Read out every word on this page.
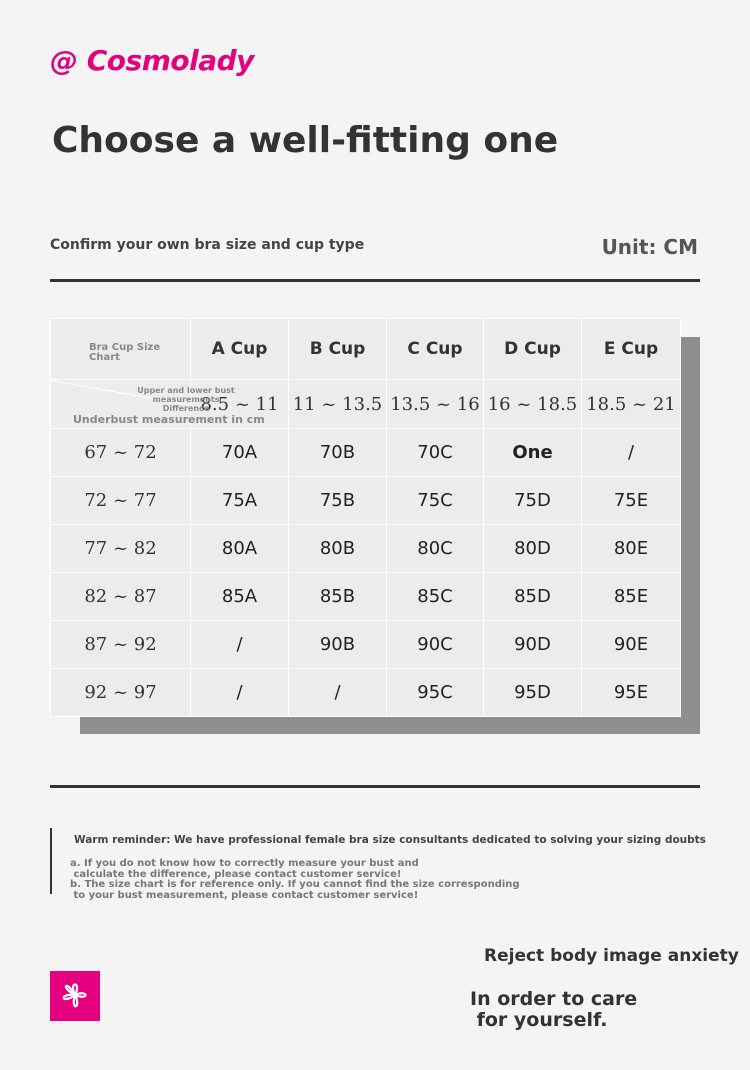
@ Cosmolady
Choose a well-fitting one
Confirm your own bra size and cup type	Unit: CM
Bra Cup Size Chart	A Cup	B Cup	C Cup	D Cup	E Cup

Upper and lower bust measurements Difference
Underbust measurement in cm	8.5 ~ 11	11 ~ 13.5	13.5 ~ 16	16 ~ 18.5	18.5 ~ 21
67 ~ 72	70A	70B	70C	One	/
72 ~ 77	75A	75B	75C	75D	75E
77 ~ 82	80A	80B	80C	80D	80E
82 ~ 87	85A	85B	85C	85D	85E
87 ~ 92	/	90B	90C	90D	90E
92 ~ 97	/	/	95C	95D	95E
Warm reminder: We have professional female bra size consultants dedicated to solving your sizing doubts
a. If you do not know how to correctly measure your bust and
calculate the difference, please contact customer service!
b. The size chart is for reference only. If you cannot find the size corresponding
to your bust measurement, please contact customer service!
Reject body image anxiety
In order to care
for yourself.
